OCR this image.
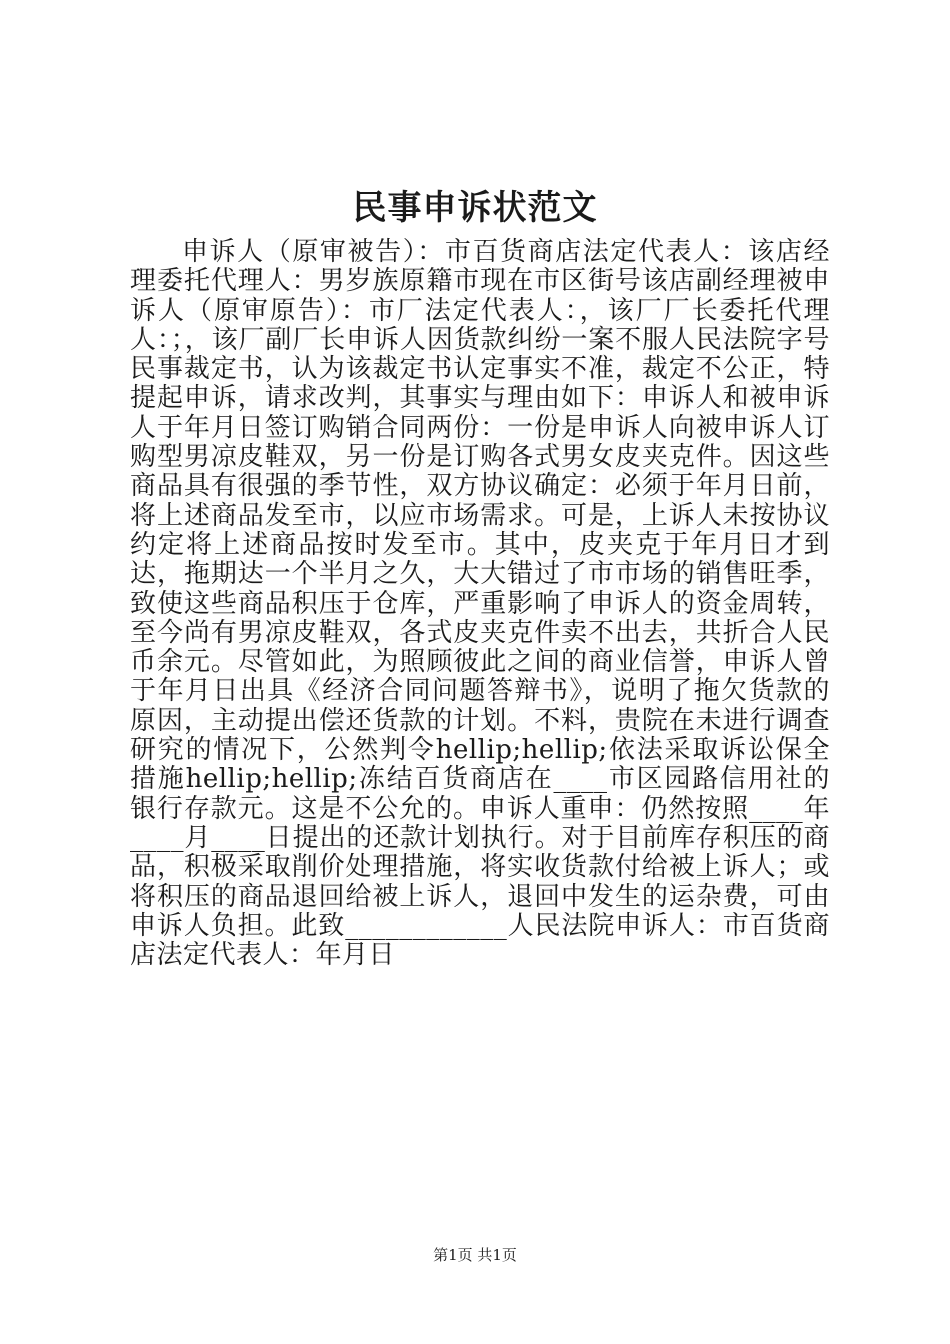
民事申诉状范文

申诉人（原审被告）：市百货商店法定代表人：该店经理委托代理人：男岁族原籍市现在市区街号该店副经理被申诉人（原审原告）：市厂法定代表人：，该厂厂长委托代理人：；，该厂副厂长申诉人因货款纠纷一案不服人民法院字号民事裁定书，认为该裁定书认定事实不准，裁定不公正，特提起申诉，请求改判，其事实与理由如下：申诉人和被申诉人于年月日签订购销合同两份：一份是申诉人向被申诉人订购型男凉皮鞋双，另一份是订购各式男女皮夹克件。因这些商品具有很强的季节性，双方协议确定：必须于年月日前，将上述商品发至市，以应市场需求。可是，上诉人未按协议约定将上述商品按时发至市。其中，皮夹克于年月日才到达，拖期达一个半月之久，大大错过了市市场的销售旺季，致使这些商品积压于仓库，严重影响了申诉人的资金周转，至今尚有男凉皮鞋双，各式皮夹克件卖不出去，共折合人民币余元。尽管如此，为照顾彼此之间的商业信誉，申诉人曾于年月日出具《经济合同问题答辩书》，说明了拖欠货款的原因，主动提出偿还货款的计划。不料，贵院在未进行调查研究的情况下，公然判令hellip;hellip;依法采取诉讼保全措施hellip;hellip;冻结百货商店在____市区园路信用社的银行存款元。这是不公允的。申诉人重申：仍然按照____年____月____日提出的还款计划执行。对于目前库存积压的商品，积极采取削价处理措施，将实收货款付给被上诉人；或将积压的商品退回给被上诉人，退回中发生的运杂费，可由申诉人负担。此致____________人民法院申诉人：市百货商店法定代表人：年月日

第1页 共1页
